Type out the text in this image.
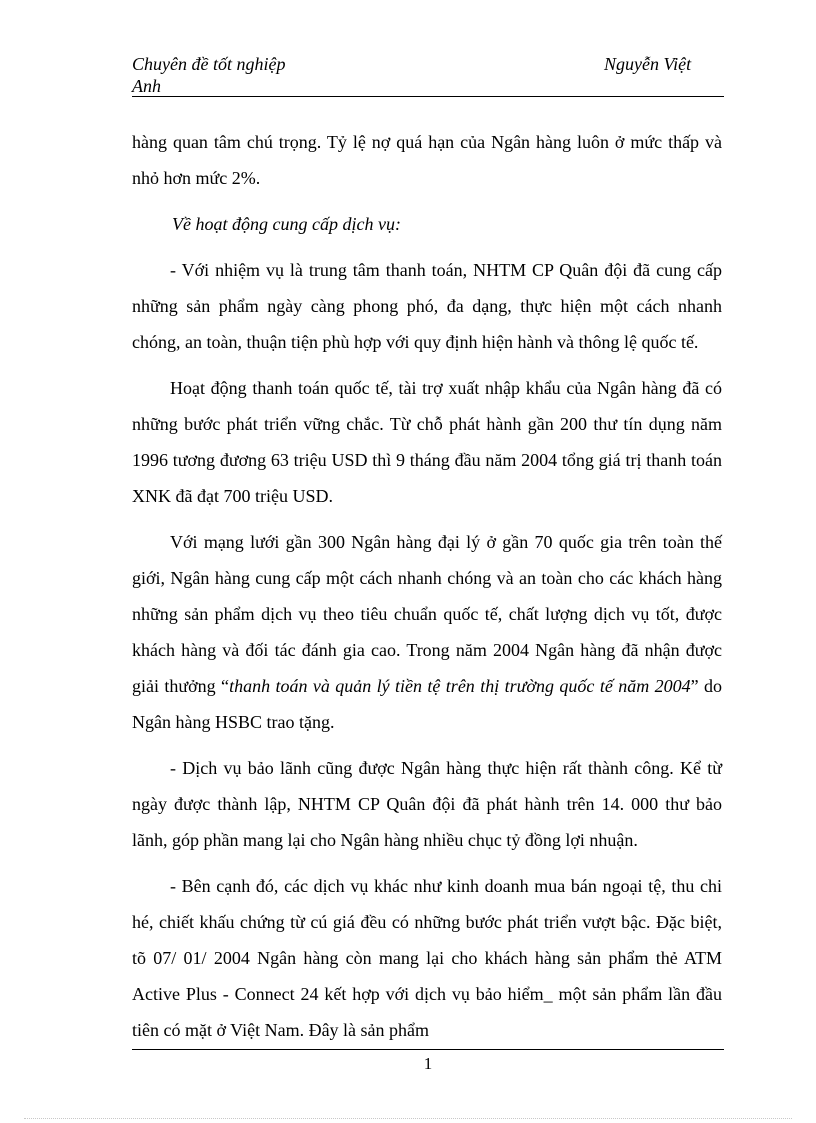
Chuyên đề tốt nghiệp
Anh
Nguyễn Việt

hàng quan tâm chú trọng. Tỷ lệ nợ quá hạn của Ngân hàng luôn ở mức thấp và nhỏ hơn mức 2%.

Về hoạt động cung cấp dịch vụ:

- Với nhiệm vụ là trung tâm thanh toán, NHTM CP Quân đội đã cung cấp những sản phẩm ngày càng phong phó, đa dạng, thực hiện một cách nhanh chóng, an toàn, thuận tiện phù hợp với quy định hiện hành và thông lệ quốc tế.

Hoạt động thanh toán quốc tế, tài trợ xuất nhập khẩu của Ngân hàng đã có những bước phát triển vững chắc. Từ chỗ phát hành gần 200 thư tín dụng năm 1996 tương đương 63 triệu USD thì 9 tháng đầu năm 2004 tổng giá trị thanh toán XNK đã đạt 700 triệu USD.

Với mạng lưới gần 300 Ngân hàng đại lý ở gần 70 quốc gia trên toàn thế giới, Ngân hàng cung cấp một cách nhanh chóng và an toàn cho các khách hàng những sản phẩm dịch vụ theo tiêu chuẩn quốc tế, chất lượng dịch vụ tốt, được khách hàng và đối tác đánh gia cao. Trong năm 2004 Ngân hàng đã nhận được giải thưởng “thanh toán và quản lý tiền tệ trên thị trường quốc tế năm 2004” do Ngân hàng HSBC trao tặng.

- Dịch vụ bảo lãnh cũng được Ngân hàng thực hiện rất thành công. Kể từ ngày được thành lập, NHTM CP Quân đội đã phát hành trên 14. 000 thư bảo lãnh, góp phần mang lại cho Ngân hàng nhiều chục tỷ đồng lợi nhuận.

- Bên cạnh đó, các dịch vụ khác như kinh doanh mua bán ngoại tệ, thu chi hé, chiết khấu chứng từ cú giá đều có những bước phát triển vượt bậc. Đặc biệt, tõ 07/ 01/ 2004 Ngân hàng còn mang lại cho khách hàng sản phẩm thẻ ATM Active Plus - Connect 24 kết hợp với dịch vụ bảo hiểm_ một sản phẩm lần đầu tiên có mặt ở Việt Nam. Đây là sản phẩm

1
